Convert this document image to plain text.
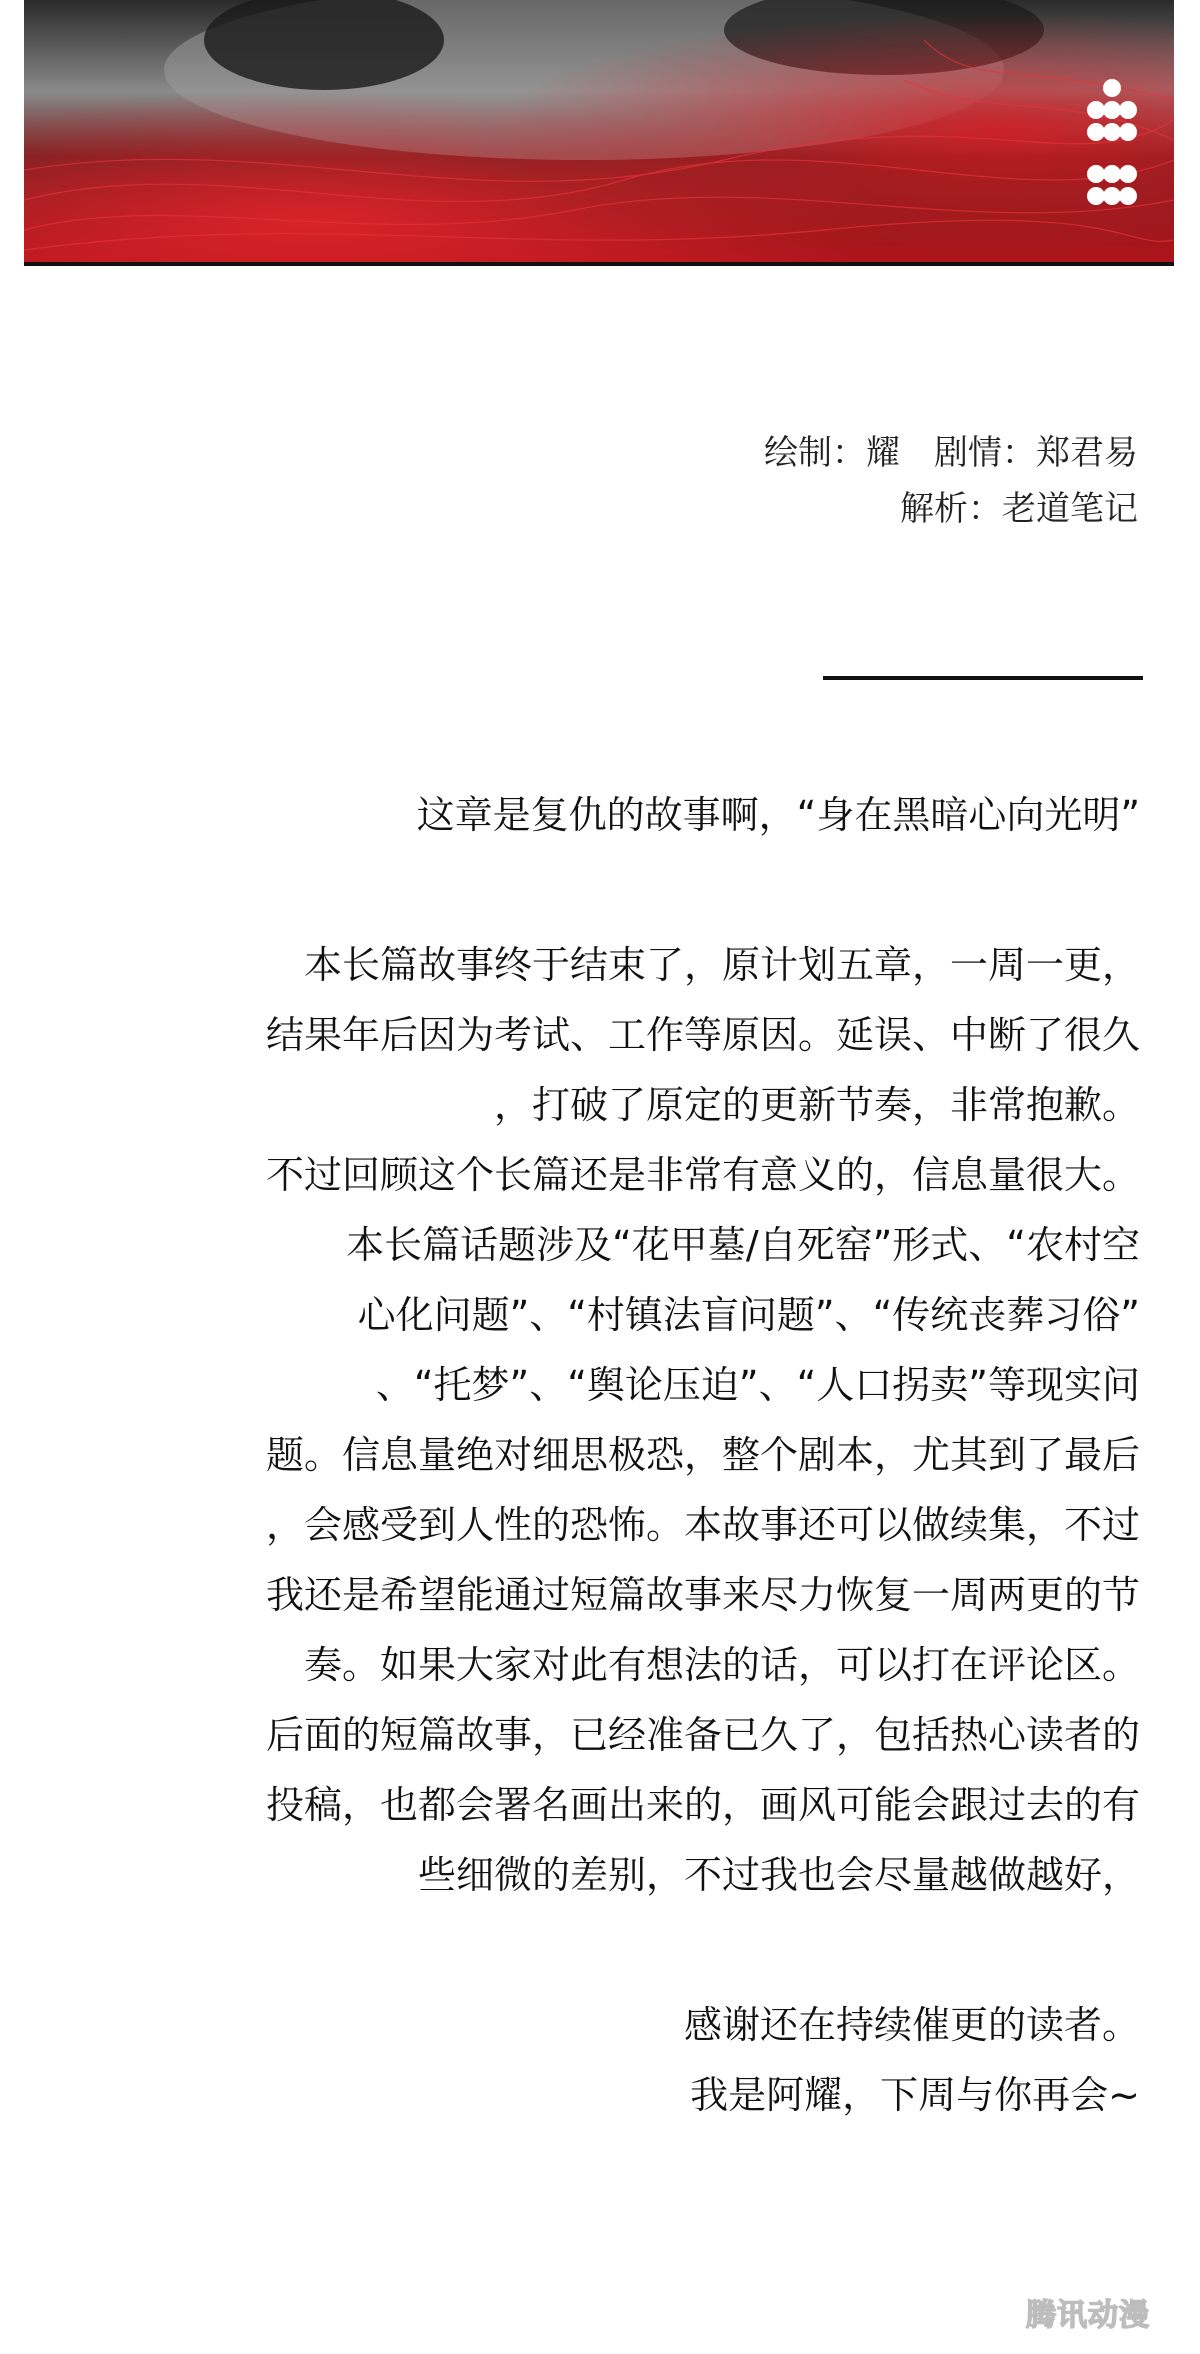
绘制：耀　剧情：郑君易
解析：老道笔记
这章是复仇的故事啊，“身在黑暗心向光明”
本长篇故事终于结束了，原计划五章，一周一更，
结果年后因为考试、工作等原因。延误、中断了很久
，打破了原定的更新节奏，非常抱歉。
不过回顾这个长篇还是非常有意义的，信息量很大。
本长篇话题涉及“花甲墓/自死窑”形式、“农村空
心化问题”、“村镇法盲问题”、“传统丧葬习俗”
、“托梦”、“舆论压迫”、“人口拐卖”等现实问
题。信息量绝对细思极恐，整个剧本，尤其到了最后
，会感受到人性的恐怖。本故事还可以做续集，不过
我还是希望能通过短篇故事来尽力恢复一周两更的节
奏。如果大家对此有想法的话，可以打在评论区。
后面的短篇故事，已经准备已久了，包括热心读者的
投稿，也都会署名画出来的，画风可能会跟过去的有
些细微的差别，不过我也会尽量越做越好，
感谢还在持续催更的读者。
我是阿耀，下周与你再会~
腾讯动漫
